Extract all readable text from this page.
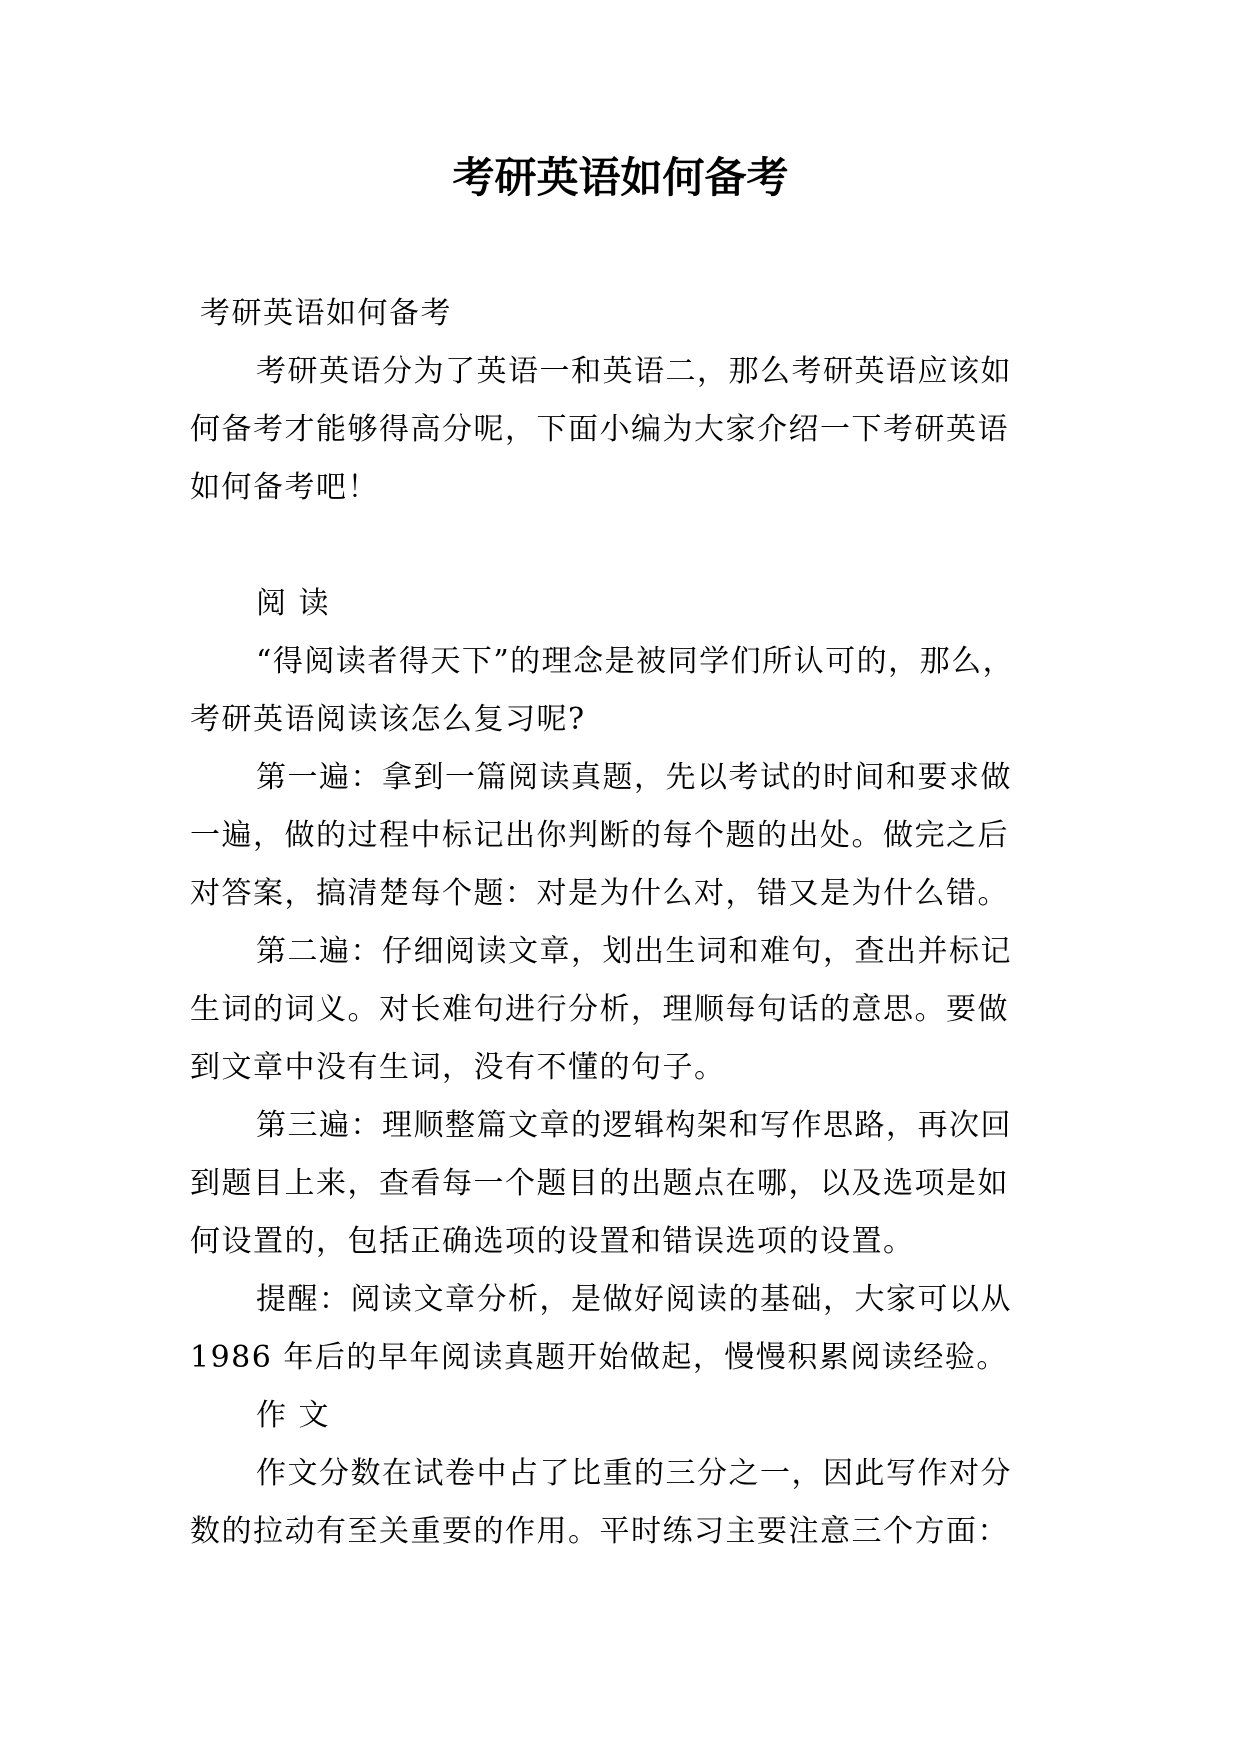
考研英语如何备考
考研英语如何备考
考研英语分为了英语一和英语二，那么考研英语应该如
何备考才能够得高分呢，下面小编为大家介绍一下考研英语
如何备考吧！
阅 读
“得阅读者得天下”的理念是被同学们所认可的，那么，
考研英语阅读该怎么复习呢?
第一遍：拿到一篇阅读真题，先以考试的时间和要求做
一遍，做的过程中标记出你判断的每个题的出处。做完之后
对答案，搞清楚每个题：对是为什么对，错又是为什么错。
第二遍：仔细阅读文章，划出生词和难句，查出并标记
生词的词义。对长难句进行分析，理顺每句话的意思。要做
到文章中没有生词，没有不懂的句子。
第三遍：理顺整篇文章的逻辑构架和写作思路，再次回
到题目上来，查看每一个题目的出题点在哪，以及选项是如
何设置的，包括正确选项的设置和错误选项的设置。
提醒：阅读文章分析，是做好阅读的基础，大家可以从
1986 年后的早年阅读真题开始做起，慢慢积累阅读经验。
作 文
作文分数在试卷中占了比重的三分之一，因此写作对分
数的拉动有至关重要的作用。平时练习主要注意三个方面：
